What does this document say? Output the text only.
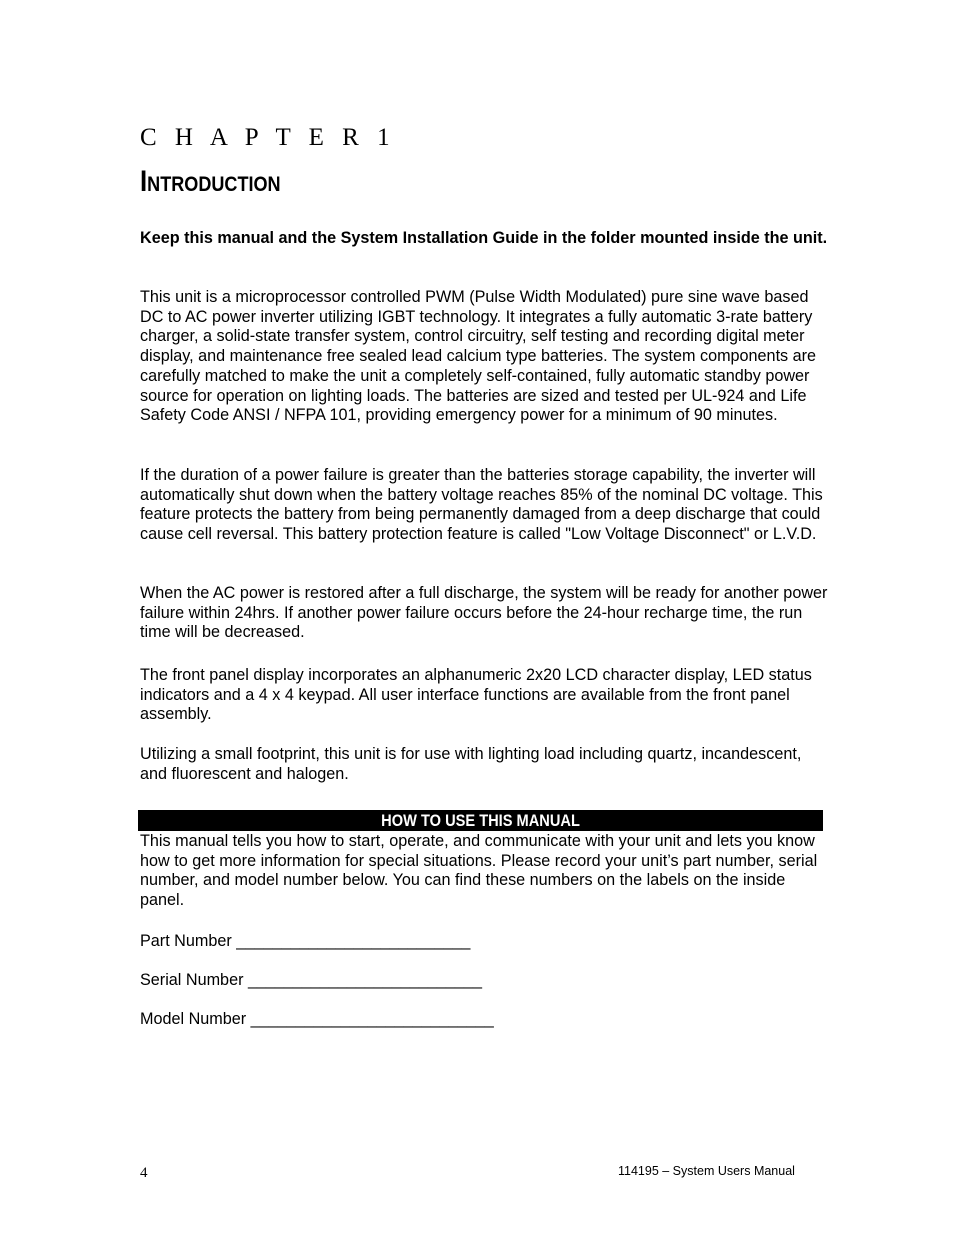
C H A P T E R 1
Introduction

Keep this manual and the System Installation Guide in the folder mounted inside the unit.

This unit is a microprocessor controlled PWM (Pulse Width Modulated) pure sine wave based DC to AC power inverter utilizing IGBT technology. It integrates a fully automatic 3-rate battery charger, a solid-state transfer system, control circuitry, self testing and recording digital meter display, and maintenance free sealed lead calcium type batteries. The system components are carefully matched to make the unit a completely self-contained, fully automatic standby power source for operation on lighting loads. The batteries are sized and tested per UL-924 and Life Safety Code ANSI / NFPA 101, providing emergency power for a minimum of 90 minutes.

If the duration of a power failure is greater than the batteries storage capability, the inverter will automatically shut down when the battery voltage reaches 85% of the nominal DC voltage. This feature protects the battery from being permanently damaged from a deep discharge that could cause cell reversal. This battery protection feature is called "Low Voltage Disconnect" or L.V.D.

When the AC power is restored after a full discharge, the system will be ready for another power failure within 24hrs. If another power failure occurs before the 24-hour recharge time, the run time will be decreased.

The front panel display incorporates an alphanumeric 2x20 LCD character display, LED status indicators and a 4 x 4 keypad. All user interface functions are available from the front panel assembly.

Utilizing a small footprint, this unit is for use with lighting load including quartz, incandescent, and fluorescent and halogen.

HOW TO USE THIS MANUAL

This manual tells you how to start, operate, and communicate with your unit and lets you know how to get more information for special situations. Please record your unit’s part number, serial number, and model number below. You can find these numbers on the labels on the inside panel.

Part Number __________________________
Serial Number __________________________
Model Number ___________________________
4	114195 – System Users Manual
